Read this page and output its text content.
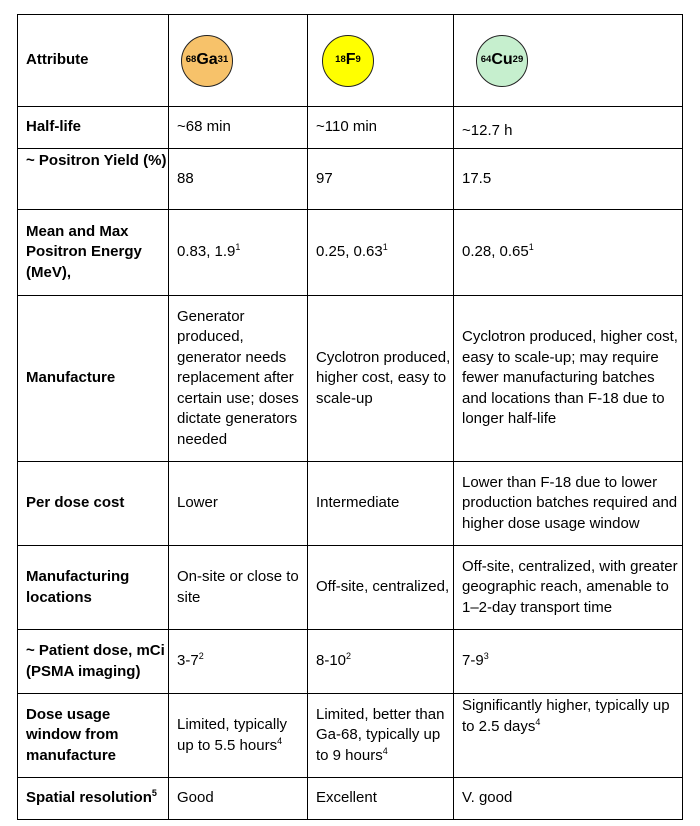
Attribute	68 Ga 31	18 F 9	64 Cu 29

Half-life	~68 min	~110 min	~12.7 h
~ Positron Yield (%)	88	97	17.5
Mean and Max Positron Energy (MeV),	0.83, 1.9$^1$	0.25, 0.63$^1$	0.28, 0.65$^1$
Manufacture	Generator produced, generator needs replacement after certain use; doses dictate generators needed	Cyclotron produced, higher cost, easy to scale-up	Cyclotron produced, higher cost, easy to scale-up; may require fewer manufacturing batches and locations than F-18 due to longer half-life
Per dose cost	Lower	Intermediate	Lower than F-18 due to lower production batches required and higher dose usage window
Manufacturing locations	On-site or close to site	Off-site, centralized,	Off-site, centralized, with greater geographic reach, amenable to 1–2-day transport time
~ Patient dose, mCi (PSMA imaging)	3-7$^2$	8-10$^2$	7-9$^3$
Dose usage window from manufacture	Limited, typically up to 5.5 hours$^4$	Limited, better than Ga-68, typically up to 9 hours$^4$	Significantly higher, typically up to 2.5 days$^4$
Spatial resolution$^5$	Good	Excellent	V. good
